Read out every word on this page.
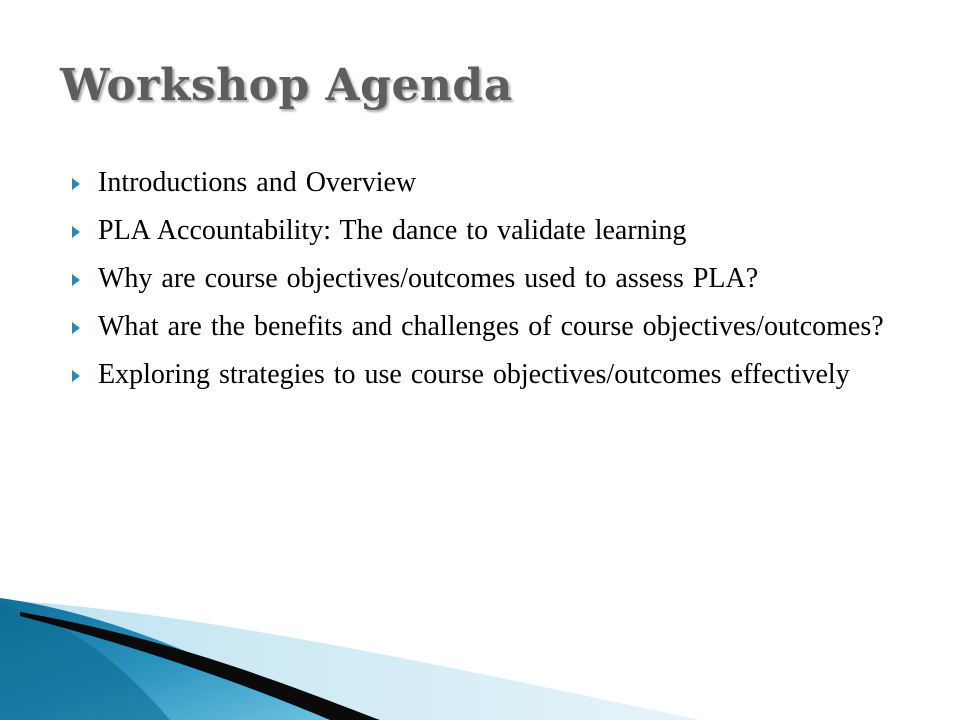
Workshop Agenda
Introductions and Overview
PLA Accountability: The dance to validate learning
Why are course objectives/outcomes used to assess PLA?
What are the benefits and challenges of course objectives/outcomes?
Exploring strategies to use course objectives/outcomes effectively
